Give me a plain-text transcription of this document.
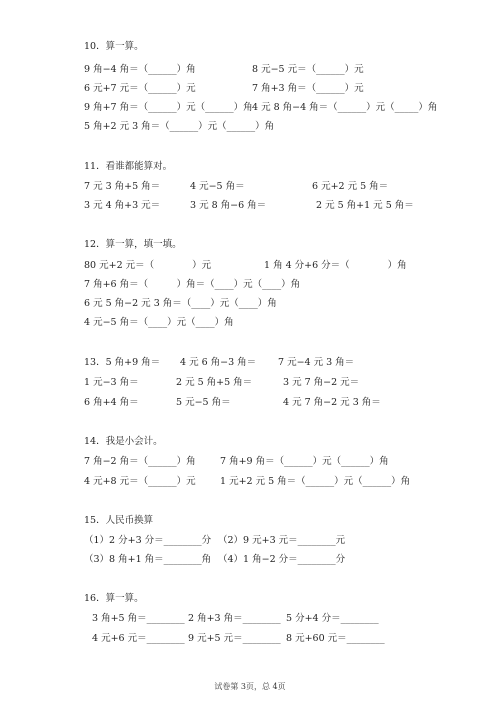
10．算一算。
9 角−4 角＝（______）角	8 元−5 元＝（______）元
6 元+7 元＝（______）元	7 角+3 角＝（______）元
9 角+7 角＝（______）元（______）角 4 元 8 角−4 角＝（______）元（_____）角
5 角+2 元 3 角＝（______）元（______）角
11．看谁都能算对。
7 元 3 角+5 角＝	4 元−5 角＝	6 元+2 元 5 角＝
3 元 4 角+3 元＝	3 元 8 角−6 角＝	2 元 5 角+1 元 5 角＝
12．算一算，填一填。
80 元+2 元＝（　　　　）元	1 角 4 分+6 分＝（　　　　）角
7 角+6 角＝（　　　）角＝（____）元（____）角
6 元 5 角−2 元 3 角＝（____）元（____）角
4 元−5 角＝（____）元（____）角
13．5 角+9 角＝ 4 元 6 角−3 角＝ 7 元−4 元 3 角＝
1 元−3 角＝	2 元 5 角+5 角＝	3 元 7 角−2 元＝
6 角+4 角＝	5 元−5 角＝	4 元 7 角−2 元 3 角＝
14．我是小会计。
7 角−2 角＝（______）角	7 角+9 角＝（______）元（______）角
4 元+8 元＝（______）元	1 元+2 元 5 角＝（______）元（______）角
15．人民币换算
（1）2 分+3 分＝________分 （2）9 元+3 元＝________元
（3）8 角+1 角＝________角 （4）1 角−2 分＝________分
16．算一算。
3 角+5 角＝________ 2 角+3 角＝________ 5 分+4 分＝________
4 元+6 元＝________ 9 元+5 元＝________ 8 元+60 元＝________
试卷第 3页，总 4页
